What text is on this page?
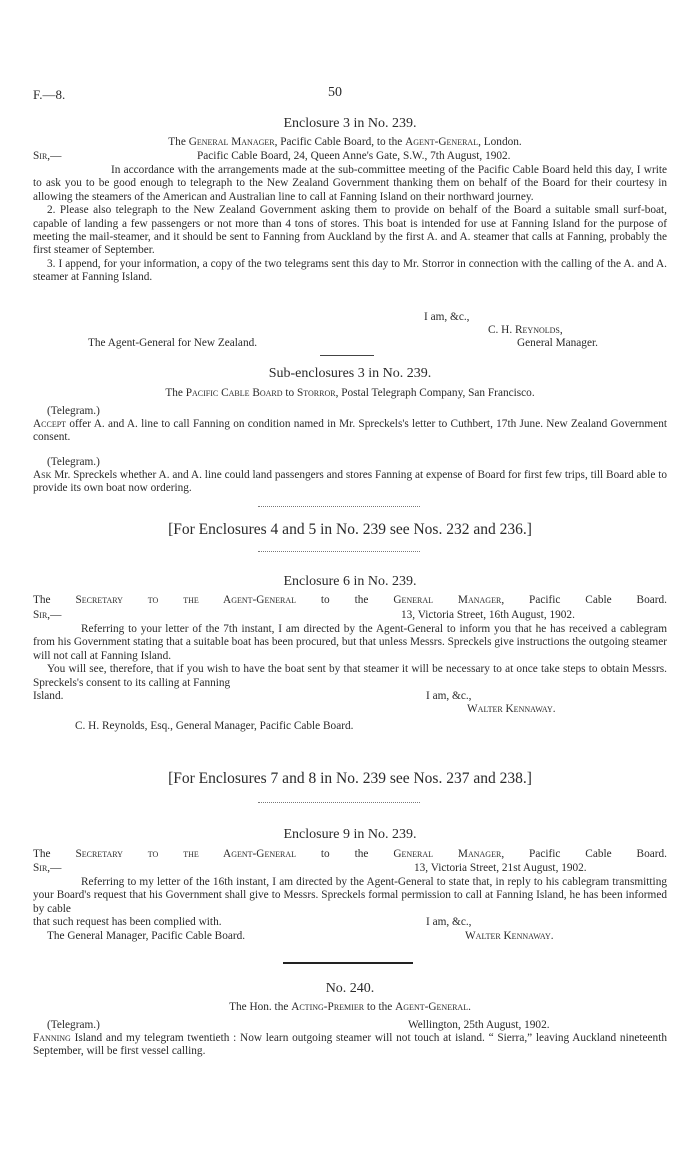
F.—8.	50
Enclosure 3 in No. 239.
The General Manager, Pacific Cable Board, to the Agent-General, London.
Sir,—	Pacific Cable Board, 24, Queen Anne's Gate, S.W., 7th August, 1902.

In accordance with the arrangements made at the sub-committee meeting of the Pacific Cable Board held this day, I write to ask you to be good enough to telegraph to the New Zealand Government thanking them on behalf of the Board for their courtesy in allowing the steamers of the American and Australian line to call at Fanning Island on their northward journey.

2. Please also telegraph to the New Zealand Government asking them to provide on behalf of the Board a suitable small surf-boat, capable of landing a few passengers or not more than 4 tons of stores. This boat is intended for use at Fanning Island for the purpose of meeting the mail-steamer, and it should be sent to Fanning from Auckland by the first A. and A. steamer that calls at Fanning, probably the first steamer of September.

3. I append, for your information, a copy of the two telegrams sent this day to Mr. Storror in connection with the calling of the A. and A. steamer at Fanning Island.

I am, &c.,
C. H. Reynolds,
The Agent-General for New Zealand.	General Manager.
Sub-enclosures 3 in No. 239.
The Pacific Cable Board to Storror, Postal Telegraph Company, San Francisco.
(Telegram.)

Accept offer A. and A. line to call Fanning on condition named in Mr. Spreckels's letter to Cuthbert, 17th June. New Zealand Government consent.

(Telegram.)

Ask Mr. Spreckels whether A. and A. line could land passengers and stores Fanning at expense of Board for first few trips, till Board able to provide its own boat now ordering.

[For Enclosures 4 and 5 in No. 239 see Nos. 232 and 236.]
Enclosure 6 in No. 239.
The Secretary to the Agent-General to the General Manager, Pacific Cable Board.
Sir,—	13, Victoria Street, 16th August, 1902.

Referring to your letter of the 7th instant, I am directed by the Agent-General to inform you that he has received a cablegram from his Government stating that a suitable boat has been procured, but that unless Messrs. Spreckels give instructions the outgoing steamer will not call at Fanning Island.

You will see, therefore, that if you wish to have the boat sent by that steamer it will be necessary to at once take steps to obtain Messrs. Spreckels's consent to its calling at Fanning

Island.	I am, &c.,
Walter Kennaway.
C. H. Reynolds, Esq., General Manager, Pacific Cable Board.
[For Enclosures 7 and 8 in No. 239 see Nos. 237 and 238.]
Enclosure 9 in No. 239.
The Secretary to the Agent-General to the General Manager, Pacific Cable Board.
Sir,—	13, Victoria Street, 21st August, 1902.

Referring to my letter of the 16th instant, I am directed by the Agent-General to state that, in reply to his cablegram transmitting your Board's request that his Government shall give to Messrs. Spreckels formal permission to call at Fanning Island, he has been informed by cable

that such request has been complied with.	I am, &c.,
The General Manager, Pacific Cable Board.	Walter Kennaway.
No. 240.
The Hon. the Acting-Premier to the Agent-General.
(Telegram.)	Wellington, 25th August, 1902.

Fanning Island and my telegram twentieth : Now learn outgoing steamer will not touch at island. “ Sierra,” leaving Auckland nineteenth September, will be first vessel calling.
